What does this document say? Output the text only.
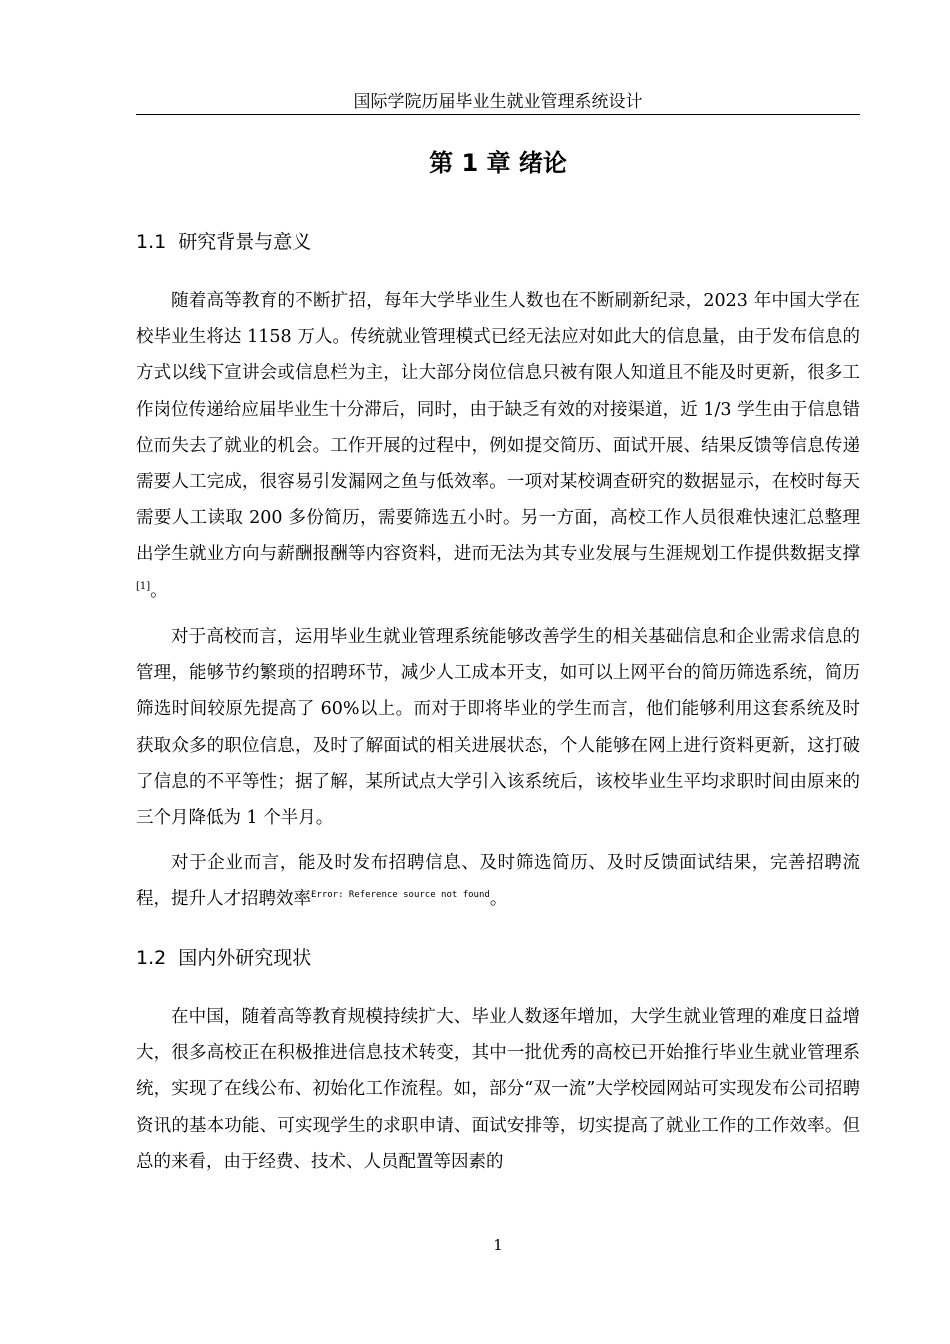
国际学院历届毕业生就业管理系统设计
第 1 章 绪论
1.1 研究背景与意义

随着高等教育的不断扩招，每年大学毕业生人数也在不断刷新纪录，2023 年中国大学在校毕业生将达 1158 万人。传统就业管理模式已经无法应对如此大的信息量，由于发布信息的方式以线下宣讲会或信息栏为主，让大部分岗位信息只被有限人知道且不能及时更新，很多工作岗位传递给应届毕业生十分滞后，同时，由于缺乏有效的对接渠道，近 1/3 学生由于信息错位而失去了就业的机会。工作开展的过程中，例如提交简历、面试开展、结果反馈等信息传递需要人工完成，很容易引发漏网之鱼与低效率。一项对某校调查研究的数据显示，在校时每天需要人工读取 200 多份简历，需要筛选五小时。另一方面，高校工作人员很难快速汇总整理出学生就业方向与薪酬报酬等内容资料，进而无法为其专业发展与生涯规划工作提供数据支撑[1]。

对于高校而言，运用毕业生就业管理系统能够改善学生的相关基础信息和企业需求信息的管理，能够节约繁琐的招聘环节，减少人工成本开支，如可以上网平台的简历筛选系统，简历筛选时间较原先提高了 60%以上。而对于即将毕业的学生而言，他们能够利用这套系统及时获取众多的职位信息，及时了解面试的相关进展状态，个人能够在网上进行资料更新，这打破了信息的不平等性；据了解，某所试点大学引入该系统后，该校毕业生平均求职时间由原来的三个月降低为 1 个半月。

对于企业而言，能及时发布招聘信息、及时筛选简历、及时反馈面试结果，完善招聘流程，提升人才招聘效率$^{Error: Reference source not found}$。

1.2 国内外研究现状

在中国，随着高等教育规模持续扩大、毕业人数逐年增加，大学生就业管理的难度日益增大，很多高校正在积极推进信息技术转变，其中一批优秀的高校已开始推行毕业生就业管理系统，实现了在线公布、初始化工作流程。如，部分“双一流”大学校园网站可实现发布公司招聘资讯的基本功能、可实现学生的求职申请、面试安排等，切实提高了就业工作的工作效率。但总的来看，由于经费、技术、人员配置等因素的

1
